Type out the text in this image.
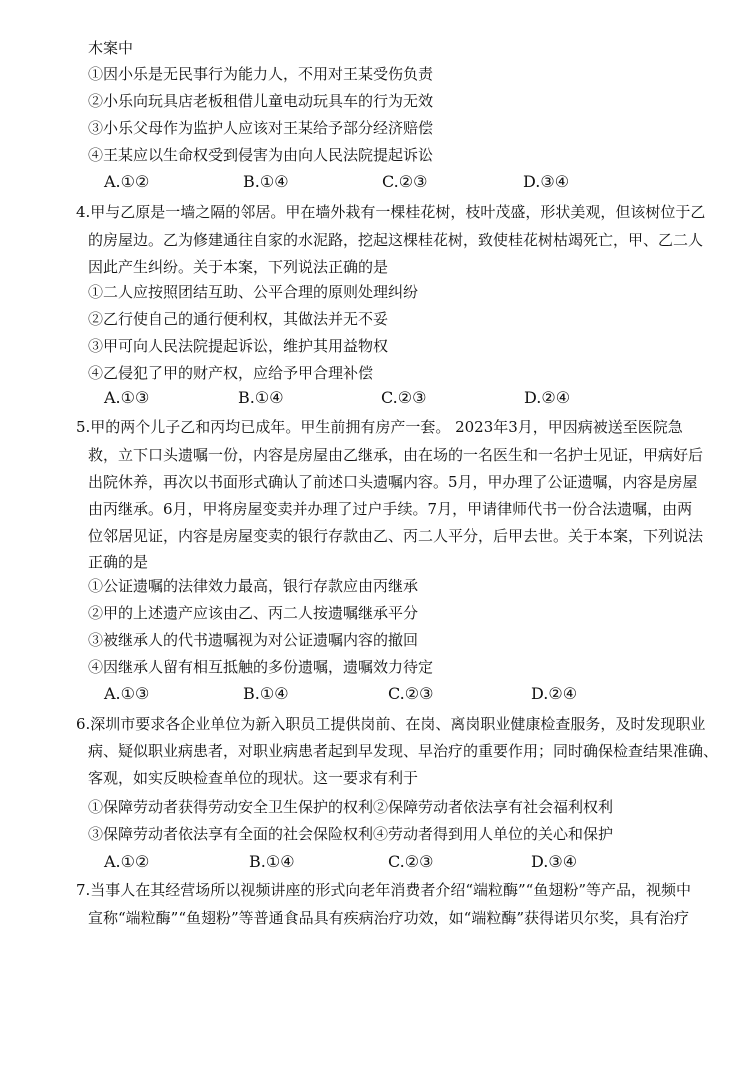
木案中
①因小乐是无民事行为能力人，不用对王某受伤负责
②小乐向玩具店老板租借儿童电动玩具车的行为无效
③小乐父母作为监护人应该对王某给予部分经济赔偿
④王某应以生命权受到侵害为由向人民法院提起诉讼
A.①②	B.①④	C.②③	D.③④
4.甲与乙原是一墙之隔的邻居。甲在墙外栽有一棵桂花树，枝叶茂盛，形状美观，但该树位于乙
的房屋边。乙为修建通往自家的水泥路，挖起这棵桂花树，致使桂花树枯竭死亡，甲、乙二人
因此产生纠纷。关于本案，下列说法正确的是
①二人应按照团结互助、公平合理的原则处理纠纷
②乙行使自己的通行便利权，其做法并无不妥
③甲可向人民法院提起诉讼，维护其用益物权
④乙侵犯了甲的财产权，应给予甲合理补偿
A.①③	B.①④	C.②③	D.②④
5.甲的两个儿子乙和丙均已成年。甲生前拥有房产一套。 2023年3月，甲因病被送至医院急
救，立下口头遗嘱一份，内容是房屋由乙继承，由在场的一名医生和一名护士见证，甲病好后
出院休养，再次以书面形式确认了前述口头遗嘱内容。5月，甲办理了公证遗嘱，内容是房屋
由丙继承。6月，甲将房屋变卖并办理了过户手续。7月，甲请律师代书一份合法遗嘱，由两
位邻居见证，内容是房屋变卖的银行存款由乙、丙二人平分，后甲去世。关于本案，下列说法
正确的是
①公证遗嘱的法律效力最高，银行存款应由丙继承
②甲的上述遗产应该由乙、丙二人按遗嘱继承平分
③被继承人的代书遗嘱视为对公证遗嘱内容的撤回
④因继承人留有相互抵触的多份遗嘱，遗嘱效力待定
A.①③	B.①④	C.②③	D.②④
6.深圳市要求各企业单位为新入职员工提供岗前、在岗、离岗职业健康检查服务，及时发现职业
病、疑似职业病患者，对职业病患者起到早发现、早治疗的重要作用；同时确保检查结果准确、
客观，如实反映检查单位的现状。这一要求有利于
①保障劳动者获得劳动安全卫生保护的权利②保障劳动者依法享有社会福利权利
③保障劳动者依法享有全面的社会保险权利④劳动者得到用人单位的关心和保护
A.①②	B.①④	C.②③	D.③④
7.当事人在其经营场所以视频讲座的形式向老年消费者介绍“端粒酶”“鱼翅粉”等产品，视频中
宣称“端粒酶”“鱼翅粉”等普通食品具有疾病治疗功效，如“端粒酶”获得诺贝尔奖，具有治疗
